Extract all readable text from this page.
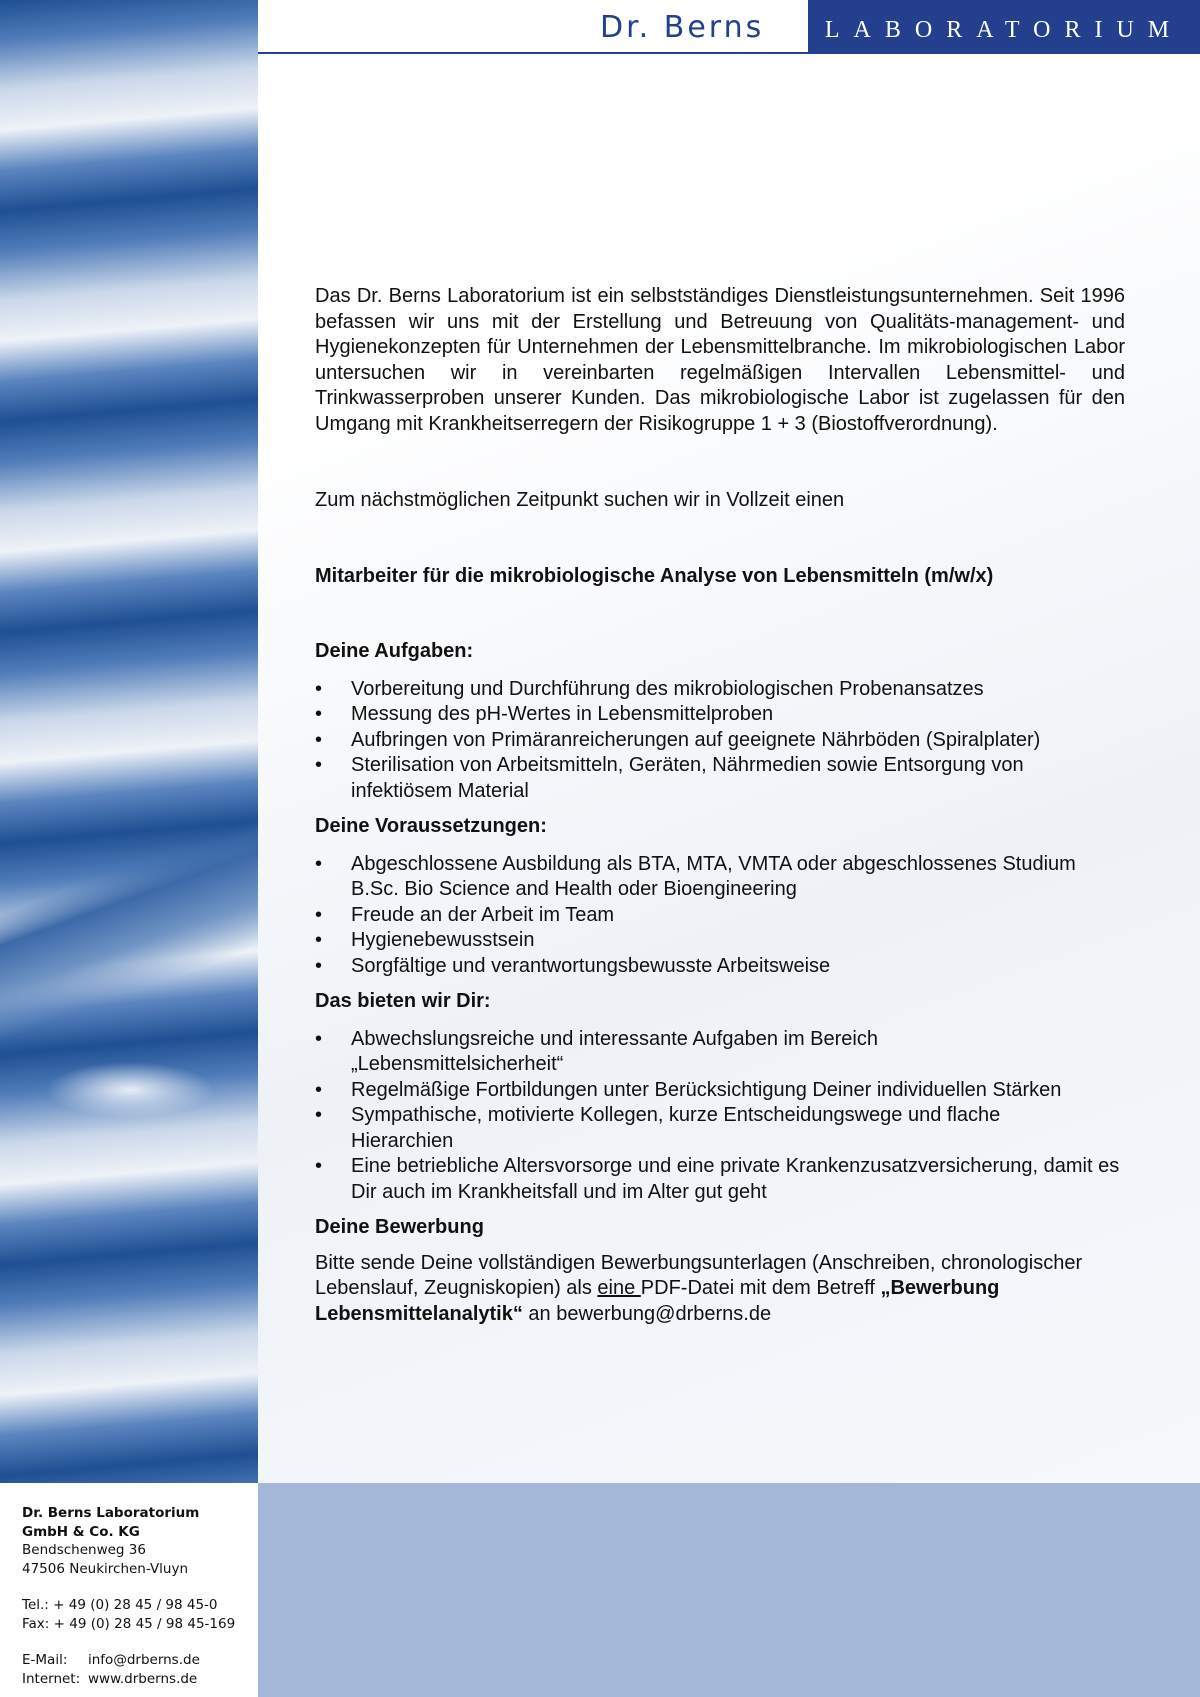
Dr. Berns	LABORATORIUM

Das Dr. Berns Laboratorium ist ein selbstständiges Dienstleistungsunternehmen. Seit 1996 befassen wir uns mit der Erstellung und Betreuung von Qualitäts-management- und Hygienekonzepten für Unternehmen der Lebensmittelbranche. Im mikrobiologischen Labor untersuchen wir in vereinbarten regelmäßigen Intervallen Lebensmittel- und Trinkwasserproben unserer Kunden. Das mikrobiologische Labor ist zugelassen für den Umgang mit Krankheitserregern der Risikogruppe 1 + 3 (Biostoffverordnung).

Zum nächstmöglichen Zeitpunkt suchen wir in Vollzeit einen

Mitarbeiter für die mikrobiologische Analyse von Lebensmitteln (m/w/x)
Deine Aufgaben:
• Vorbereitung und Durchführung des mikrobiologischen Probenansatzes
• Messung des pH-Wertes in Lebensmittelproben
• Aufbringen von Primäranreicherungen auf geeignete Nährböden (Spiralplater)
• Sterilisation von Arbeitsmitteln, Geräten, Nährmedien sowie Entsorgung von infektiösem Material
Deine Voraussetzungen:
• Abgeschlossene Ausbildung als BTA, MTA, VMTA oder abgeschlossenes Studium B.Sc. Bio Science and Health oder Bioengineering
• Freude an der Arbeit im Team
• Hygienebewusstsein
• Sorgfältige und verantwortungsbewusste Arbeitsweise
Das bieten wir Dir:
• Abwechslungsreiche und interessante Aufgaben im Bereich „Lebensmittelsicherheit“
• Regelmäßige Fortbildungen unter Berücksichtigung Deiner individuellen Stärken
• Sympathische, motivierte Kollegen, kurze Entscheidungswege und flache Hierarchien
• Eine betriebliche Altersvorsorge und eine private Krankenzusatzversicherung, damit es Dir auch im Krankheitsfall und im Alter gut geht
Deine Bewerbung

Bitte sende Deine vollständigen Bewerbungsunterlagen (Anschreiben, chronologischer Lebenslauf, Zeugniskopien) als eine PDF-Datei mit dem Betreff „Bewerbung Lebensmittelanalytik“ an bewerbung@drberns.de

Dr. Berns Laboratorium
GmbH & Co. KG
Bendschenweg 36
47506 Neukirchen-Vluyn
Tel.: + 49 (0) 28 45 / 98 45-0
Fax: + 49 (0) 28 45 / 98 45-169
E-Mail: info@drberns.de
Internet: www.drberns.de
